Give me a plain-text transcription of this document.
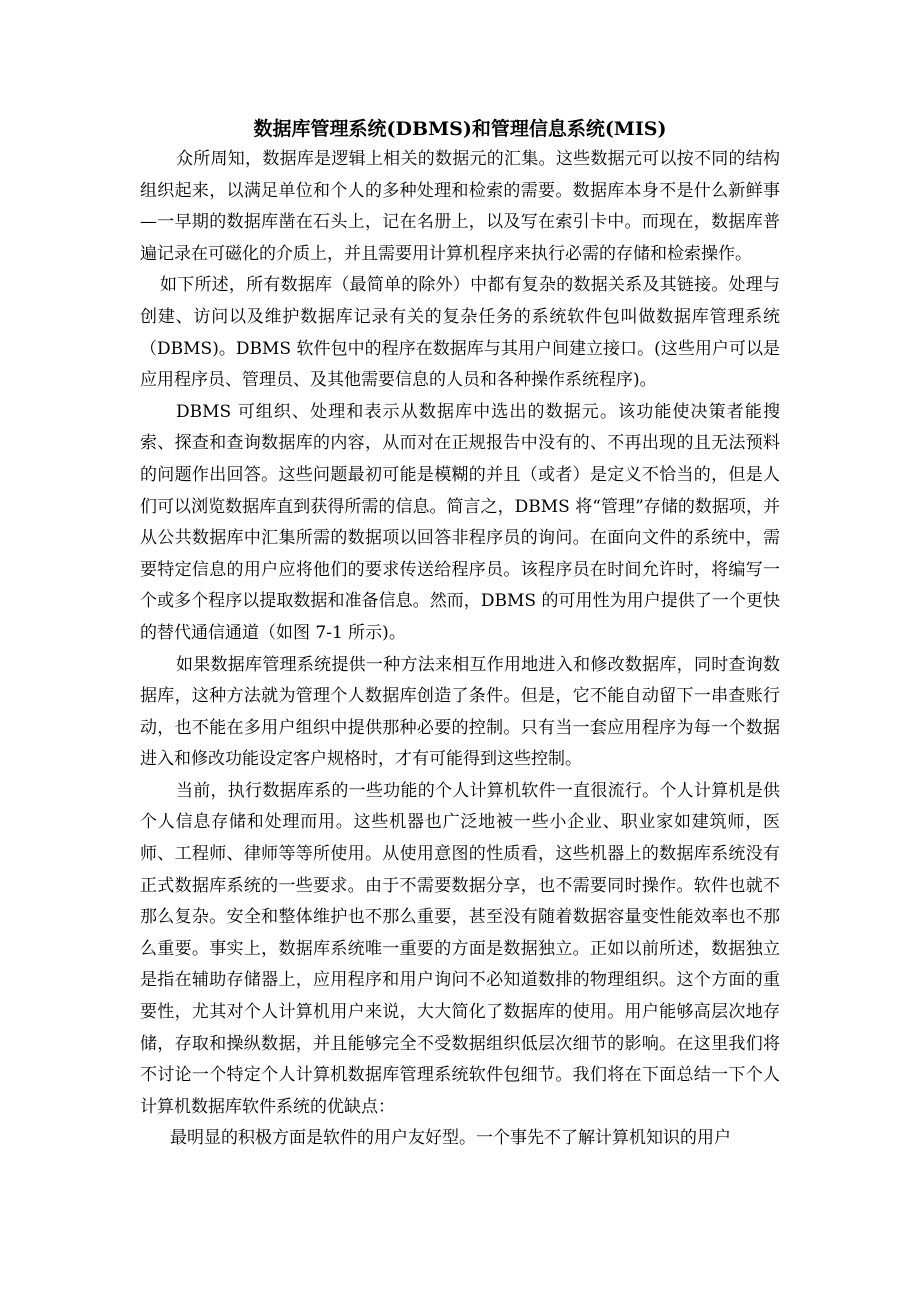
数据库管理系统(DBMS)和管理信息系统(MIS)

众所周知，数据库是逻辑上相关的数据元的汇集。这些数据元可以按不同的结构组织起来，以满足单位和个人的多种处理和检索的需要。数据库本身不是什么新鲜事—一早期的数据库凿在石头上，记在名册上，以及写在索引卡中。而现在，数据库普遍记录在可磁化的介质上，并且需要用计算机程序来执行必需的存储和检索操作。

如下所述，所有数据库（最简单的除外）中都有复杂的数据关系及其链接。处理与创建、访问以及维护数据库记录有关的复杂任务的系统软件包叫做数据库管理系统（DBMS)。DBMS 软件包中的程序在数据库与其用户间建立接口。(这些用户可以是应用程序员、管理员、及其他需要信息的人员和各种操作系统程序)。

DBMS 可组织、处理和表示从数据库中选出的数据元。该功能使决策者能搜索、探查和查询数据库的内容，从而对在正规报告中没有的、不再出现的且无法预料的问题作出回答。这些问题最初可能是模糊的并且（或者）是定义不恰当的，但是人们可以浏览数据库直到获得所需的信息。简言之，DBMS 将“管理”存储的数据项，并从公共数据库中汇集所需的数据项以回答非程序员的询问。在面向文件的系统中，需要特定信息的用户应将他们的要求传送给程序员。该程序员在时间允许时，将编写一个或多个程序以提取数据和准备信息。然而，DBMS 的可用性为用户提供了一个更快的替代通信通道（如图 7-1 所示)。

如果数据库管理系统提供一种方法来相互作用地进入和修改数据库，同时查询数据库，这种方法就为管理个人数据库创造了条件。但是，它不能自动留下一串查账行动，也不能在多用户组织中提供那种必要的控制。只有当一套应用程序为每一个数据进入和修改功能设定客户规格时，才有可能得到这些控制。

当前，执行数据库系的一些功能的个人计算机软件一直很流行。个人计算机是供个人信息存储和处理而用。这些机器也广泛地被一些小企业、职业家如建筑师，医师、工程师、律师等等所使用。从使用意图的性质看，这些机器上的数据库系统没有正式数据库系统的一些要求。由于不需要数据分享，也不需要同时操作。软件也就不那么复杂。安全和整体维护也不那么重要，甚至没有随着数据容量变性能效率也不那么重要。事实上，数据库系统唯一重要的方面是数据独立。正如以前所述，数据独立是指在辅助存储器上，应用程序和用户询问不必知道数排的物理组织。这个方面的重要性，尤其对个人计算机用户来说，大大简化了数据库的使用。用户能够高层次地存储，存取和操纵数据，并且能够完全不受数据组织低层次细节的影响。在这里我们将不讨论一个特定个人计算机数据库管理系统软件包细节。我们将在下面总结一下个人计算机数据库软件系统的优缺点：

最明显的积极方面是软件的用户友好型。一个事先不了解计算机知识的用户
